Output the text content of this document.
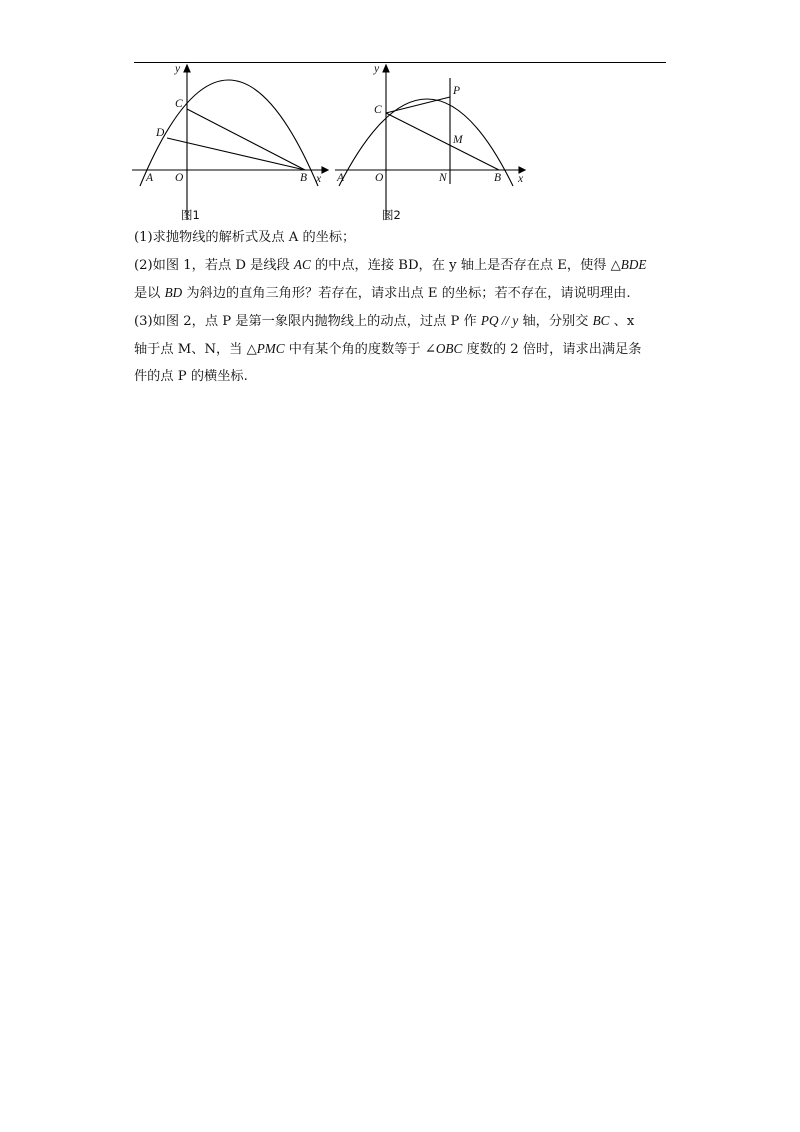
y
x
C
D
A O	B
图1
y
x
C
P
M
A	O	N	B
图2
(1)求抛物线的解析式及点 A 的坐标；
(2)如图 1，若点 D 是线段 AC 的中点，连接 BD，在 y 轴上是否存在点 E，使得 △BDE
是以 BD 为斜边的直角三角形？若存在，请求出点 E 的坐标；若不存在，请说明理由.
(3)如图 2，点 P 是第一象限内抛物线上的动点，过点 P 作 PQ // y 轴，分别交 BC 、x
轴于点 M、N，当 △PMC 中有某个角的度数等于 ∠OBC 度数的 2 倍时，请求出满足条
件的点 P 的横坐标.
